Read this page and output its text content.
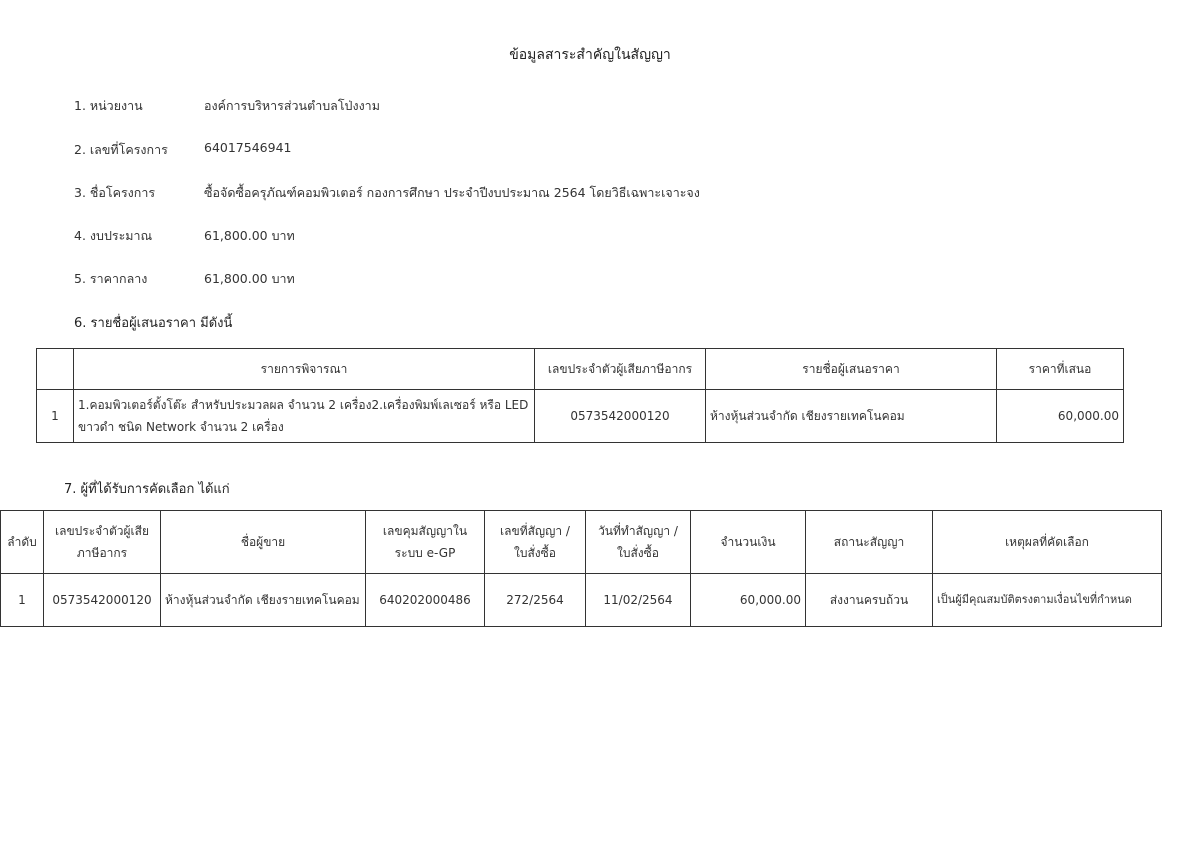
ข้อมูลสาระสำคัญในสัญญา
1. หน่วยงาน	องค์การบริหารส่วนตำบลโป่งงาม
2. เลขที่โครงการ	64017546941
3. ชื่อโครงการ	ซื้อจัดซื้อครุภัณฑ์คอมพิวเตอร์ กองการศึกษา ประจำปีงบประมาณ 2564 โดยวิธีเฉพาะเจาะจง
4. งบประมาณ	61,800.00 บาท
5. ราคากลาง	61,800.00 บาท
6. รายชื่อผู้เสนอราคา มีดังนี้
	รายการพิจารณา	เลขประจำตัวผู้เสียภาษีอากร	รายชื่อผู้เสนอราคา	ราคาที่เสนอ
1	1.คอมพิวเตอร์ตั้งโต๊ะ สำหรับประมวลผล จำนวน 2 เครื่อง2.เครื่องพิมพ์เลเซอร์ หรือ LED ขาวดำ ชนิด Network จำนวน 2 เครื่อง	0573542000120	ห้างหุ้นส่วนจำกัด เชียงรายเทคโนคอม	60,000.00
7. ผู้ที่ได้รับการคัดเลือก ได้แก่
ลำดับ	เลขประจำตัวผู้เสียภาษีอากร	ชื่อผู้ขาย	เลขคุมสัญญาในระบบ e-GP	เลขที่สัญญา / ใบสั่งซื้อ	วันที่ทำสัญญา / ใบสั่งซื้อ	จำนวนเงิน	สถานะสัญญา	เหตุผลที่คัดเลือก
1	0573542000120	ห้างหุ้นส่วนจำกัด เชียงรายเทคโนคอม	640202000486	272/2564	11/02/2564	60,000.00	ส่งงานครบถ้วน	เป็นผู้มีคุณสมบัติตรงตามเงื่อนไขที่กำหนด
